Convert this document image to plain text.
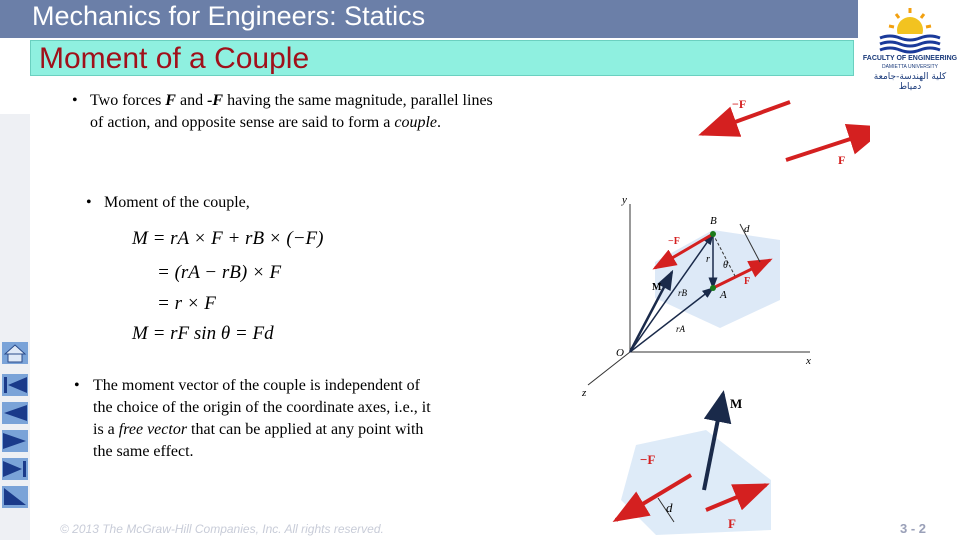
Mechanics for Engineers: Statics
Moment of a Couple	FACULTY OF ENGINEERING
DAMIETTA UNIVERSITY
كلية الهندسة-جامعة دمياط
• Two forces F and -F having the same magnitude, parallel lines
of action, and opposite sense are said to form a couple.
• Moment of the couple,
M = rA × F + rB × (−F)
= (rA − rB) × F
= r × F
M = rF sin θ = Fd
• The moment vector of the couple is independent of
the choice of the origin of the coordinate axes, i.e., it
is a free vector that can be applied at any point with
the same effect.
−F
F
y
x
z
O
B
A
d
r
θ
M rB
rA
−F
F
M
−F
d
F
© 2013 The McGraw-Hill Companies, Inc. All rights reserved.	3 - 2
